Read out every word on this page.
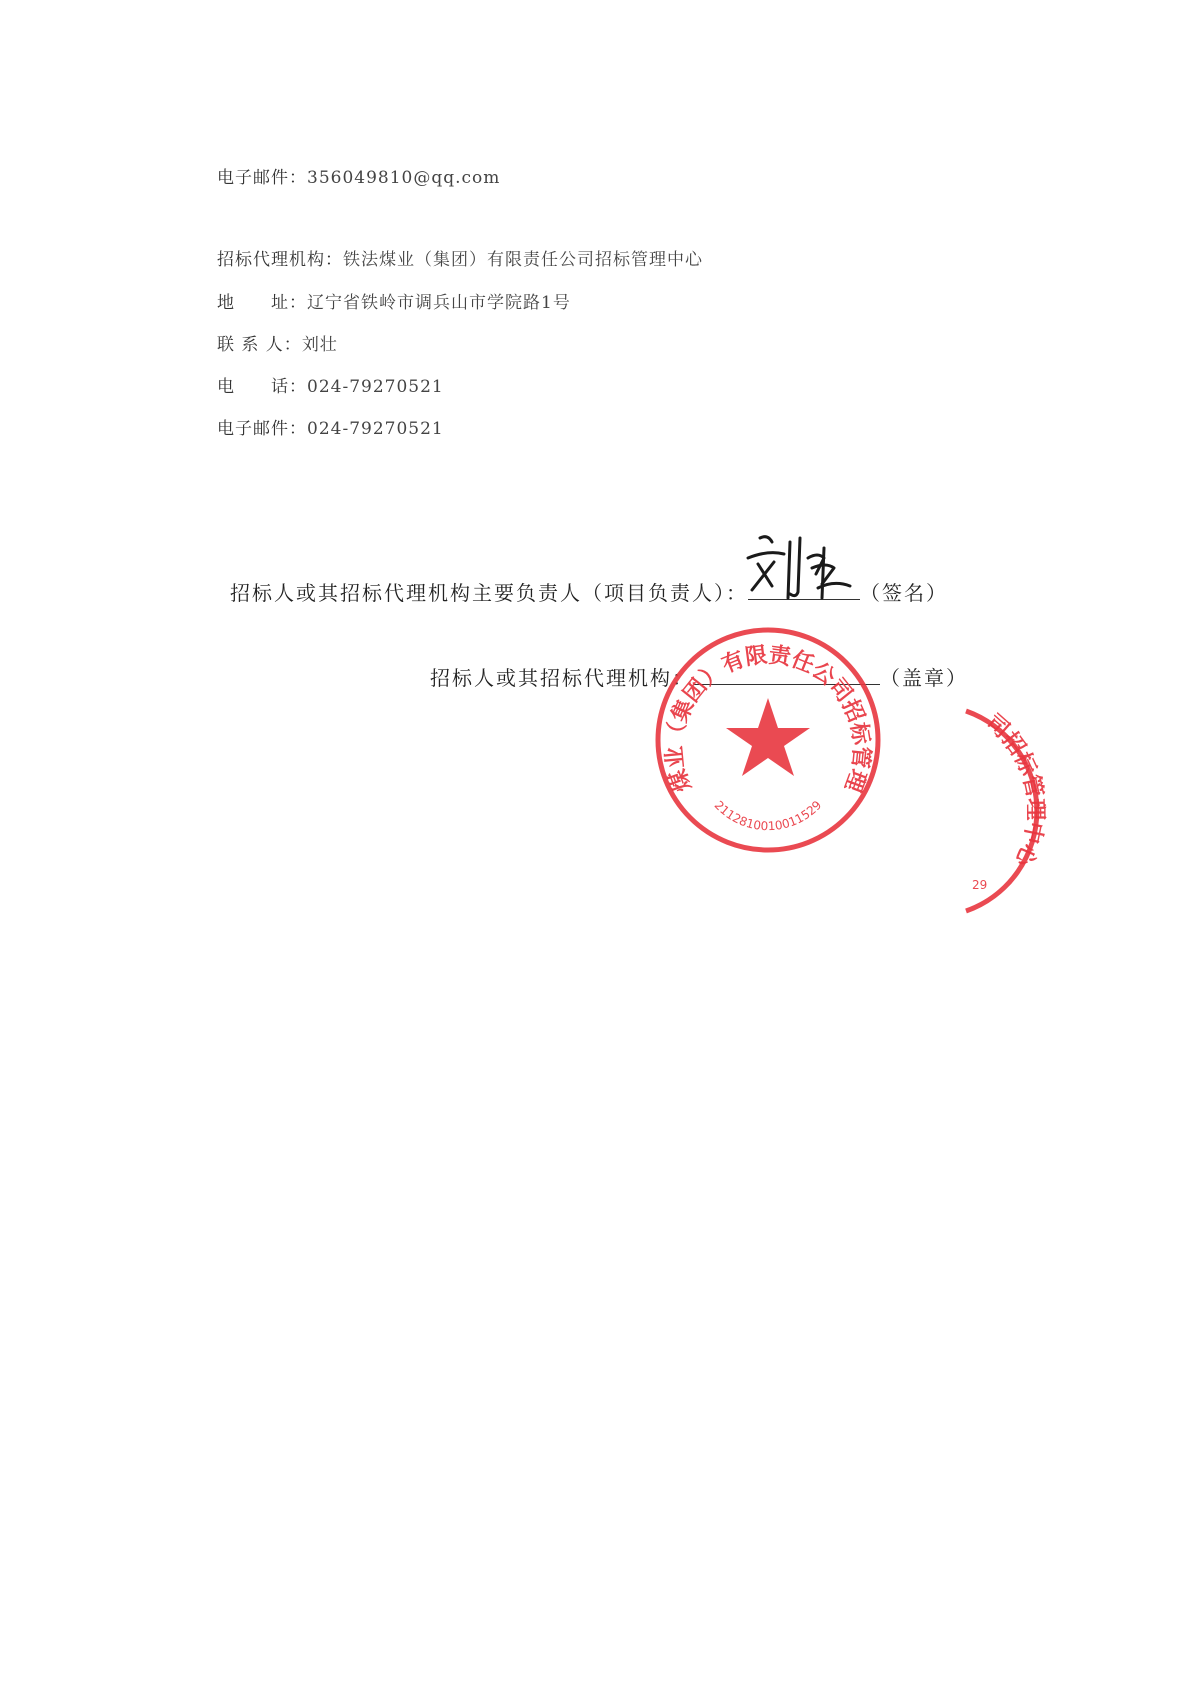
电子邮件：356049810@qq.com
招标代理机构：铁法煤业（集团）有限责任公司招标管理中心
地　　址：辽宁省铁岭市调兵山市学院路1号
联 系 人：刘壮
电　　话：024-79270521
电子邮件：024-79270521
招标人或其招标代理机构主要负责人（项目负责人）：	（签名）
招标人或其招标代理机构：	（盖章）
铁法煤业（集团）有限责任公司招标管理中心
2112810010011529
司招标管理中心
29
